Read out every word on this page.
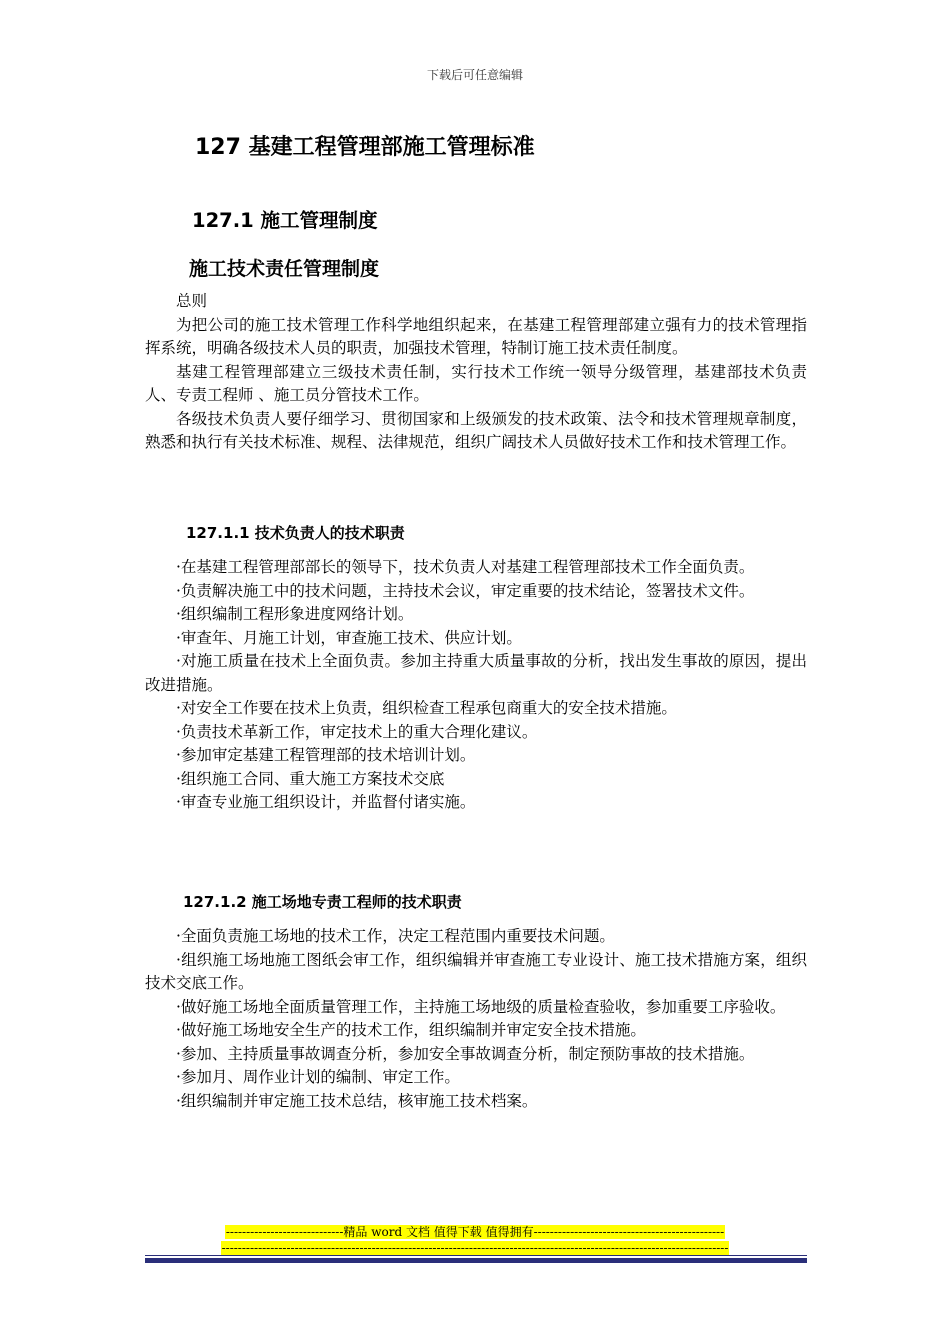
下载后可任意编辑
127 基建工程管理部施工管理标准
127.1 施工管理制度
施工技术责任管理制度

总则

为把公司的施工技术管理工作科学地组织起来，在基建工程管理部建立强有力的技术管理指挥系统，明确各级技术人员的职责，加强技术管理，特制订施工技术责任制度。

基建工程管理部建立三级技术责任制，实行技术工作统一领导分级管理，基建部技术负责人、专责工程师 、施工员分管技术工作。

各级技术负责人要仔细学习、贯彻国家和上级颁发的技术政策、法令和技术管理规章制度，熟悉和执行有关技术标准、规程、法律规范，组织广阔技术人员做好技术工作和技术管理工作。

127.1.1 技术负责人的技术职责

·在基建工程管理部部长的领导下，技术负责人对基建工程管理部技术工作全面负责。

·负责解决施工中的技术问题，主持技术会议，审定重要的技术结论，签署技术文件。

·组织编制工程形象进度网络计划。

·审查年、月施工计划，审查施工技术、供应计划。

·对施工质量在技术上全面负责。参加主持重大质量事故的分析，找出发生事故的原因，提出改进措施。

·对安全工作要在技术上负责，组织检查工程承包商重大的安全技术措施。

·负责技术革新工作，审定技术上的重大合理化建议。

·参加审定基建工程管理部的技术培训计划。

·组织施工合同、重大施工方案技术交底

·审查专业施工组织设计，并监督付诸实施。

127.1.2 施工场地专责工程师的技术职责

·全面负责施工场地的技术工作，决定工程范围内重要技术问题。

·组织施工场地施工图纸会审工作，组织编辑并审查施工专业设计、施工技术措施方案，组织技术交底工作。

·做好施工场地全面质量管理工作，主持施工场地级的质量检查验收，参加重要工序验收。

·做好施工场地安全生产的技术工作，组织编制并审定安全技术措施。

·参加、主持质量事故调查分析，参加安全事故调查分析，制定预防事故的技术措施。

·参加月、周作业计划的编制、审定工作。

·组织编制并审定施工技术总结，核审施工技术档案。

-----------------------------精品 word 文档 值得下载 值得拥有-----------------------------------------------
-----------------------------------------------------------------------------------------------------------------------------
